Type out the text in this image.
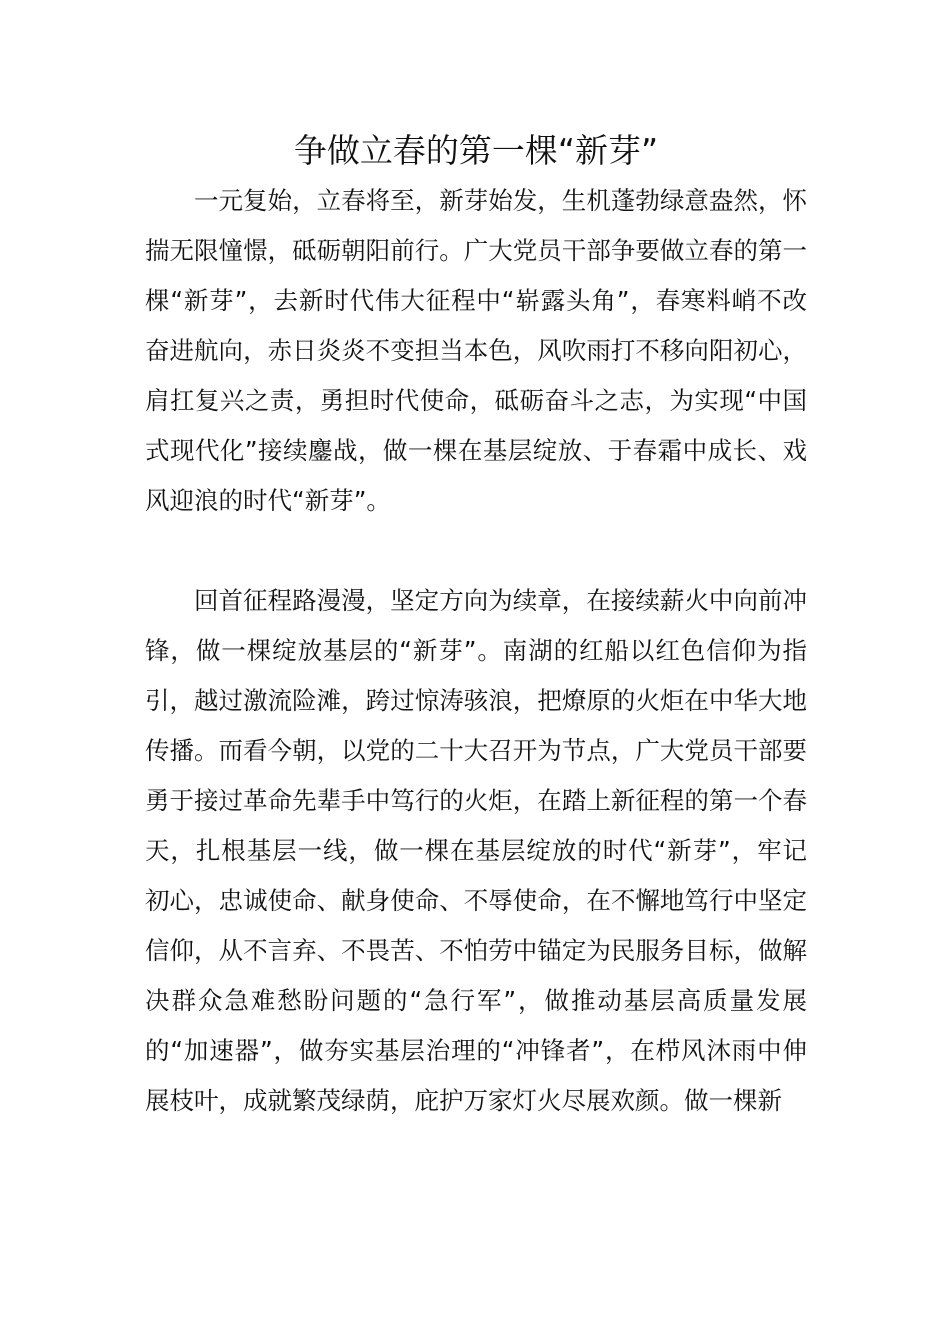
争做立春的第一棵“新芽”

一元复始，立春将至，新芽始发，生机蓬勃绿意盎然，怀揣无限憧憬，砥砺朝阳前行。广大党员干部争要做立春的第一棵“新芽”，去新时代伟大征程中“崭露头角”，春寒料峭不改奋进航向，赤日炎炎不变担当本色，风吹雨打不移向阳初心，肩扛复兴之责，勇担时代使命，砥砺奋斗之志，为实现“中国式现代化”接续鏖战，做一棵在基层绽放、于春霜中成长、戏风迎浪的时代“新芽”。

回首征程路漫漫，坚定方向为续章，在接续薪火中向前冲锋，做一棵绽放基层的“新芽”。南湖的红船以红色信仰为指引，越过激流险滩，跨过惊涛骇浪，把燎原的火炬在中华大地传播。而看今朝，以党的二十大召开为节点，广大党员干部要勇于接过革命先辈手中笃行的火炬，在踏上新征程的第一个春天，扎根基层一线，做一棵在基层绽放的时代“新芽”，牢记初心，忠诚使命、献身使命、不辱使命，在不懈地笃行中坚定信仰，从不言弃、不畏苦、不怕劳中锚定为民服务目标，做解决群众急难愁盼问题的“急行军”，做推动基层高质量发展的“加速器”，做夯实基层治理的“冲锋者”，在栉风沐雨中伸展枝叶，成就繁茂绿荫，庇护万家灯火尽展欢颜。做一棵新
